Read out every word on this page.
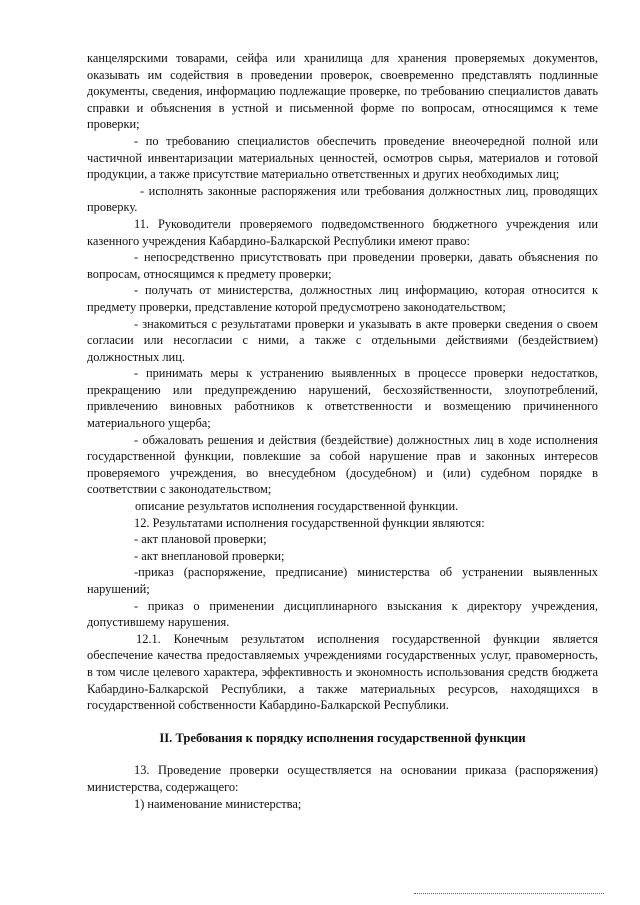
канцелярскими товарами, сейфа или хранилища для хранения проверяемых документов, оказывать им содействия в проведении проверок, своевременно представлять подлинные документы, сведения, информацию подлежащие проверке, по требованию специалистов давать справки и объяснения в устной и письменной форме по вопросам, относящимся к теме проверки;

- по требованию специалистов обеспечить проведение внеочередной полной или частичной инвентаризации материальных ценностей, осмотров сырья, материалов и готовой продукции, а также присутствие материально ответственных и других необходимых лиц;

- исполнять законные распоряжения или требования должностных лиц, проводящих проверку.

11. Руководители проверяемого подведомственного бюджетного учреждения или казенного учреждения Кабардино-Балкарской Республики имеют право:

- непосредственно присутствовать при проведении проверки, давать объяснения по вопросам, относящимся к предмету проверки;

- получать от министерства, должностных лиц информацию, которая относится к предмету проверки, представление которой предусмотрено законодательством;

- знакомиться с результатами проверки и указывать в акте проверки сведения о своем согласии или несогласии с ними, а также с отдельными действиями (бездействием) должностных лиц.

- принимать меры к устранению выявленных в процессе проверки недостатков, прекращению или предупреждению нарушений, бесхозяйственности, злоупотреблений, привлечению виновных работников к ответственности и возмещению причиненного материального ущерба;

- обжаловать решения и действия (бездействие) должностных лиц в ходе исполнения государственной функции, повлекшие за собой нарушение прав и законных интересов проверяемого учреждения, во внесудебном (досудебном) и (или) судебном порядке в соответствии с законодательством;

описание результатов исполнения государственной функции.

12. Результатами исполнения государственной функции являются:

- акт плановой проверки;

- акт внеплановой проверки;

-приказ (распоряжение, предписание) министерства об устранении выявленных нарушений;

- приказ о применении дисциплинарного взыскания к директору учреждения, допустившему нарушения.

12.1. Конечным результатом исполнения государственной функции является обеспечение качества предоставляемых учреждениями государственных услуг, правомерность, в том числе целевого характера, эффективность и экономность использования средств бюджета Кабардино-Балкарской Республики, а также материальных ресурсов, находящихся в государственной собственности Кабардино-Балкарской Республики.

II. Требования к порядку исполнения государственной функции

13. Проведение проверки осуществляется на основании приказа (распоряжения) министерства, содержащего:

1) наименование министерства;
